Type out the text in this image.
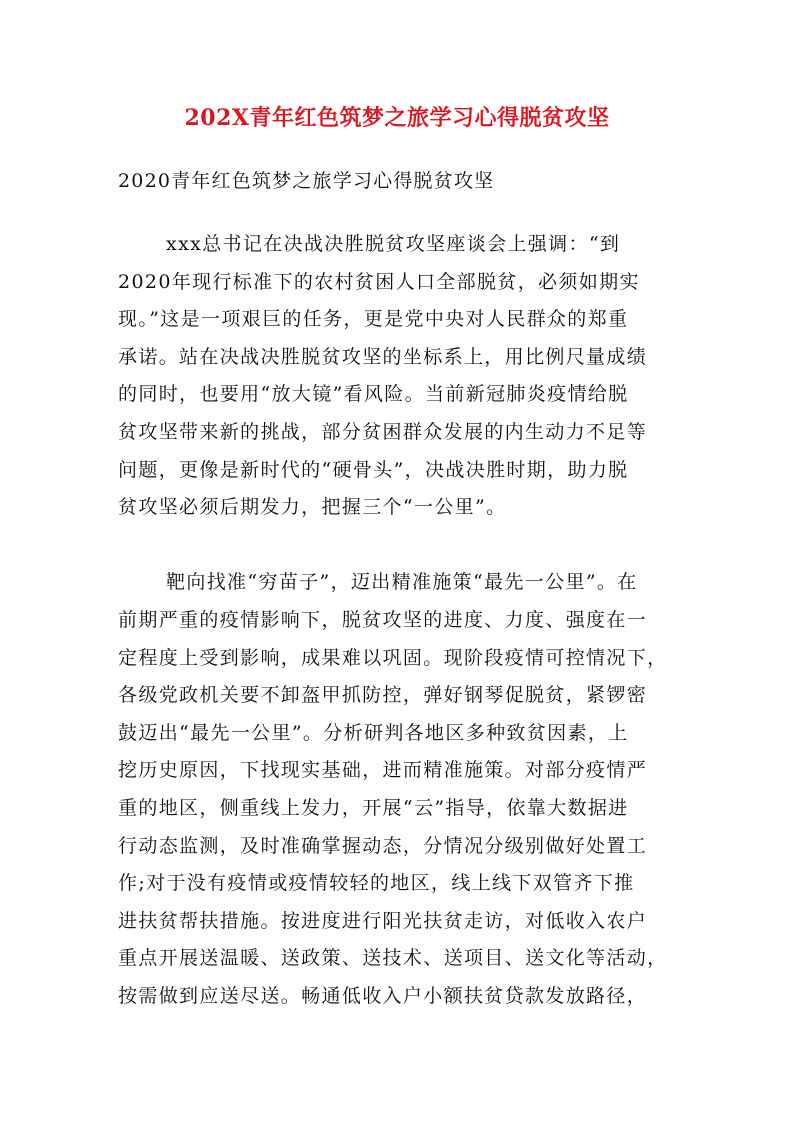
202X青年红色筑梦之旅学习心得脱贫攻坚
2020青年红色筑梦之旅学习心得脱贫攻坚
xxx总书记在决战决胜脱贫攻坚座谈会上强调：“到
2020年现行标准下的农村贫困人口全部脱贫，必须如期实
现。”这是一项艰巨的任务，更是党中央对人民群众的郑重
承诺。站在决战决胜脱贫攻坚的坐标系上，用比例尺量成绩
的同时，也要用“放大镜”看风险。当前新冠肺炎疫情给脱
贫攻坚带来新的挑战，部分贫困群众发展的内生动力不足等
问题，更像是新时代的“硬骨头”，决战决胜时期，助力脱
贫攻坚必须后期发力，把握三个“一公里”。
靶向找准“穷苗子”，迈出精准施策“最先一公里”。在
前期严重的疫情影响下，脱贫攻坚的进度、力度、强度在一
定程度上受到影响，成果难以巩固。现阶段疫情可控情况下，
各级党政机关要不卸盔甲抓防控，弹好钢琴促脱贫，紧锣密
鼓迈出“最先一公里”。分析研判各地区多种致贫因素，上
挖历史原因，下找现实基础，进而精准施策。对部分疫情严
重的地区，侧重线上发力，开展“云”指导，依靠大数据进
行动态监测，及时准确掌握动态，分情况分级别做好处置工
作;对于没有疫情或疫情较轻的地区，线上线下双管齐下推
进扶贫帮扶措施。按进度进行阳光扶贫走访，对低收入农户
重点开展送温暖、送政策、送技术、送项目、送文化等活动，
按需做到应送尽送。畅通低收入户小额扶贫贷款发放路径，
